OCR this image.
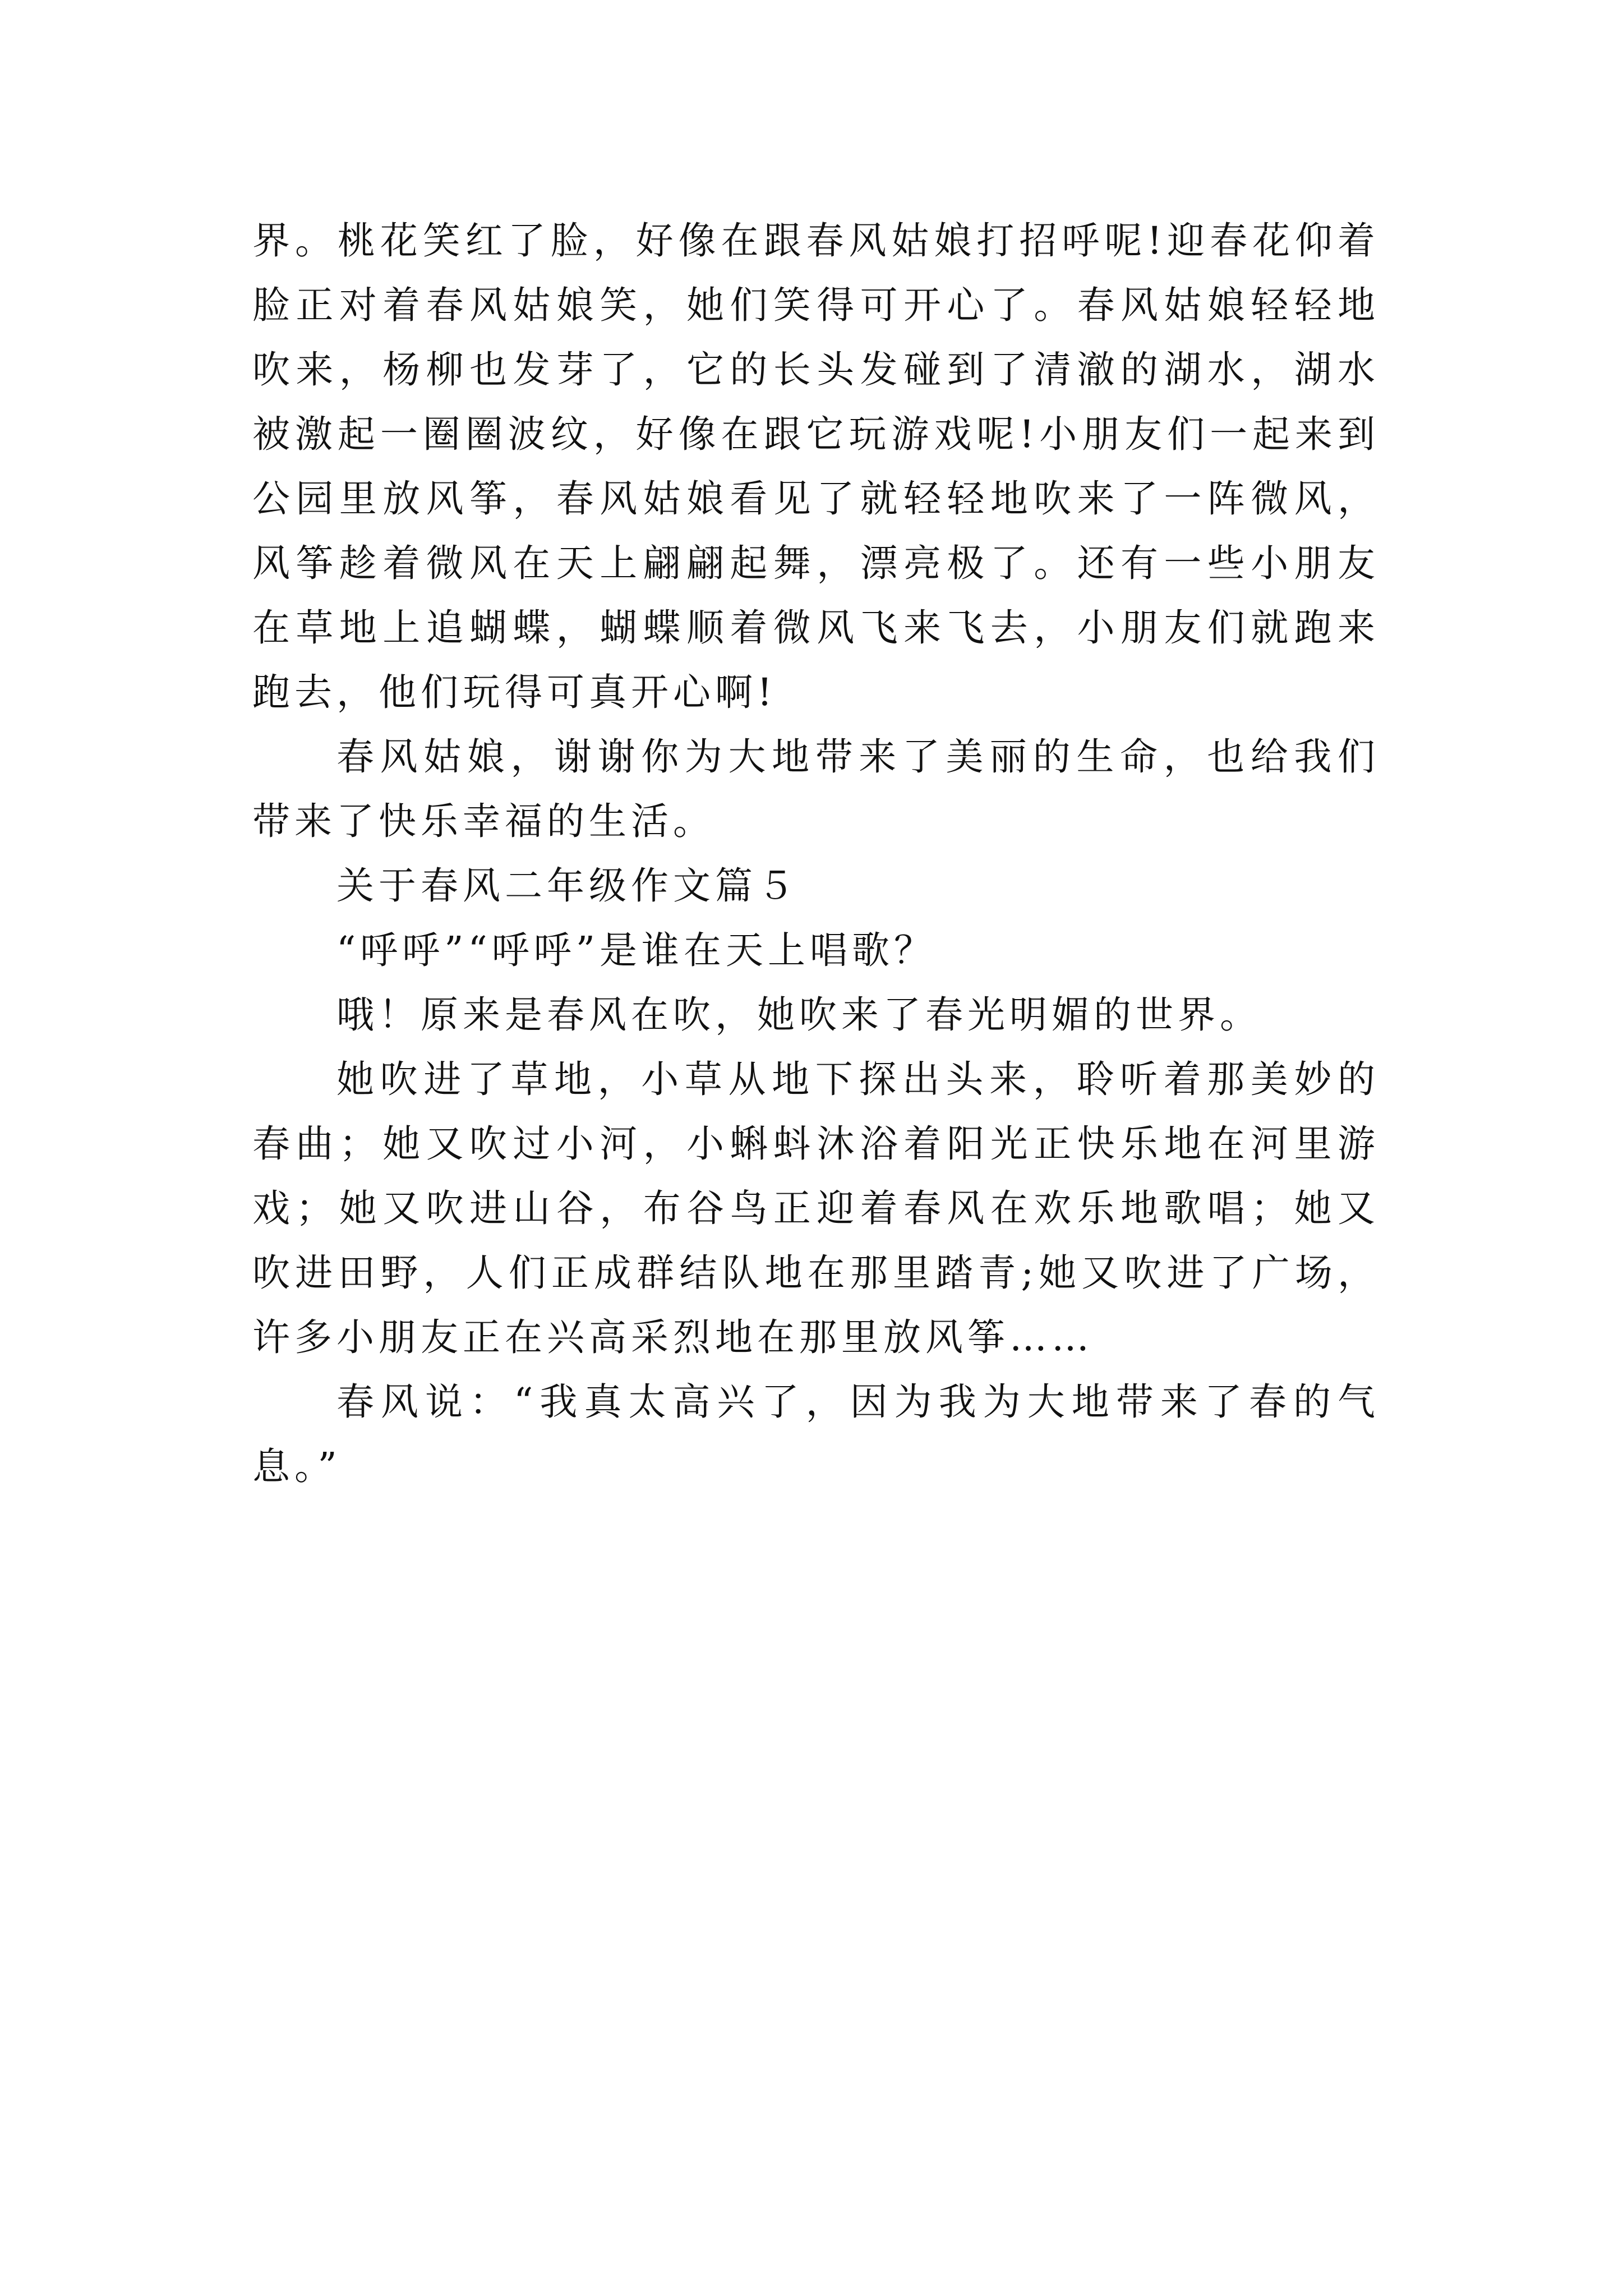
界。桃花笑红了脸，好像在跟春风姑娘打招呼呢!迎春花仰着脸正对着春风姑娘笑，她们笑得可开心了。春风姑娘轻轻地吹来，杨柳也发芽了，它的长头发碰到了清澈的湖水，湖水被激起一圈圈波纹，好像在跟它玩游戏呢!小朋友们一起来到公园里放风筝，春风姑娘看见了就轻轻地吹来了一阵微风，风筝趁着微风在天上翩翩起舞，漂亮极了。还有一些小朋友在草地上追蝴蝶，蝴蝶顺着微风飞来飞去，小朋友们就跑来跑去，他们玩得可真开心啊!

春风姑娘，谢谢你为大地带来了美丽的生命，也给我们带来了快乐幸福的生活。

关于春风二年级作文篇５

“呼呼”“呼呼”是谁在天上唱歌？

哦！原来是春风在吹，她吹来了春光明媚的世界。

她吹进了草地，小草从地下探出头来，聆听着那美妙的春曲；她又吹过小河，小蝌蚪沐浴着阳光正快乐地在河里游戏；她又吹进山谷，布谷鸟正迎着春风在欢乐地歌唱；她又吹进田野，人们正成群结队地在那里踏青;她又吹进了广场，许多小朋友正在兴高采烈地在那里放风筝……

春风说：“我真太高兴了，因为我为大地带来了春的气息。”
